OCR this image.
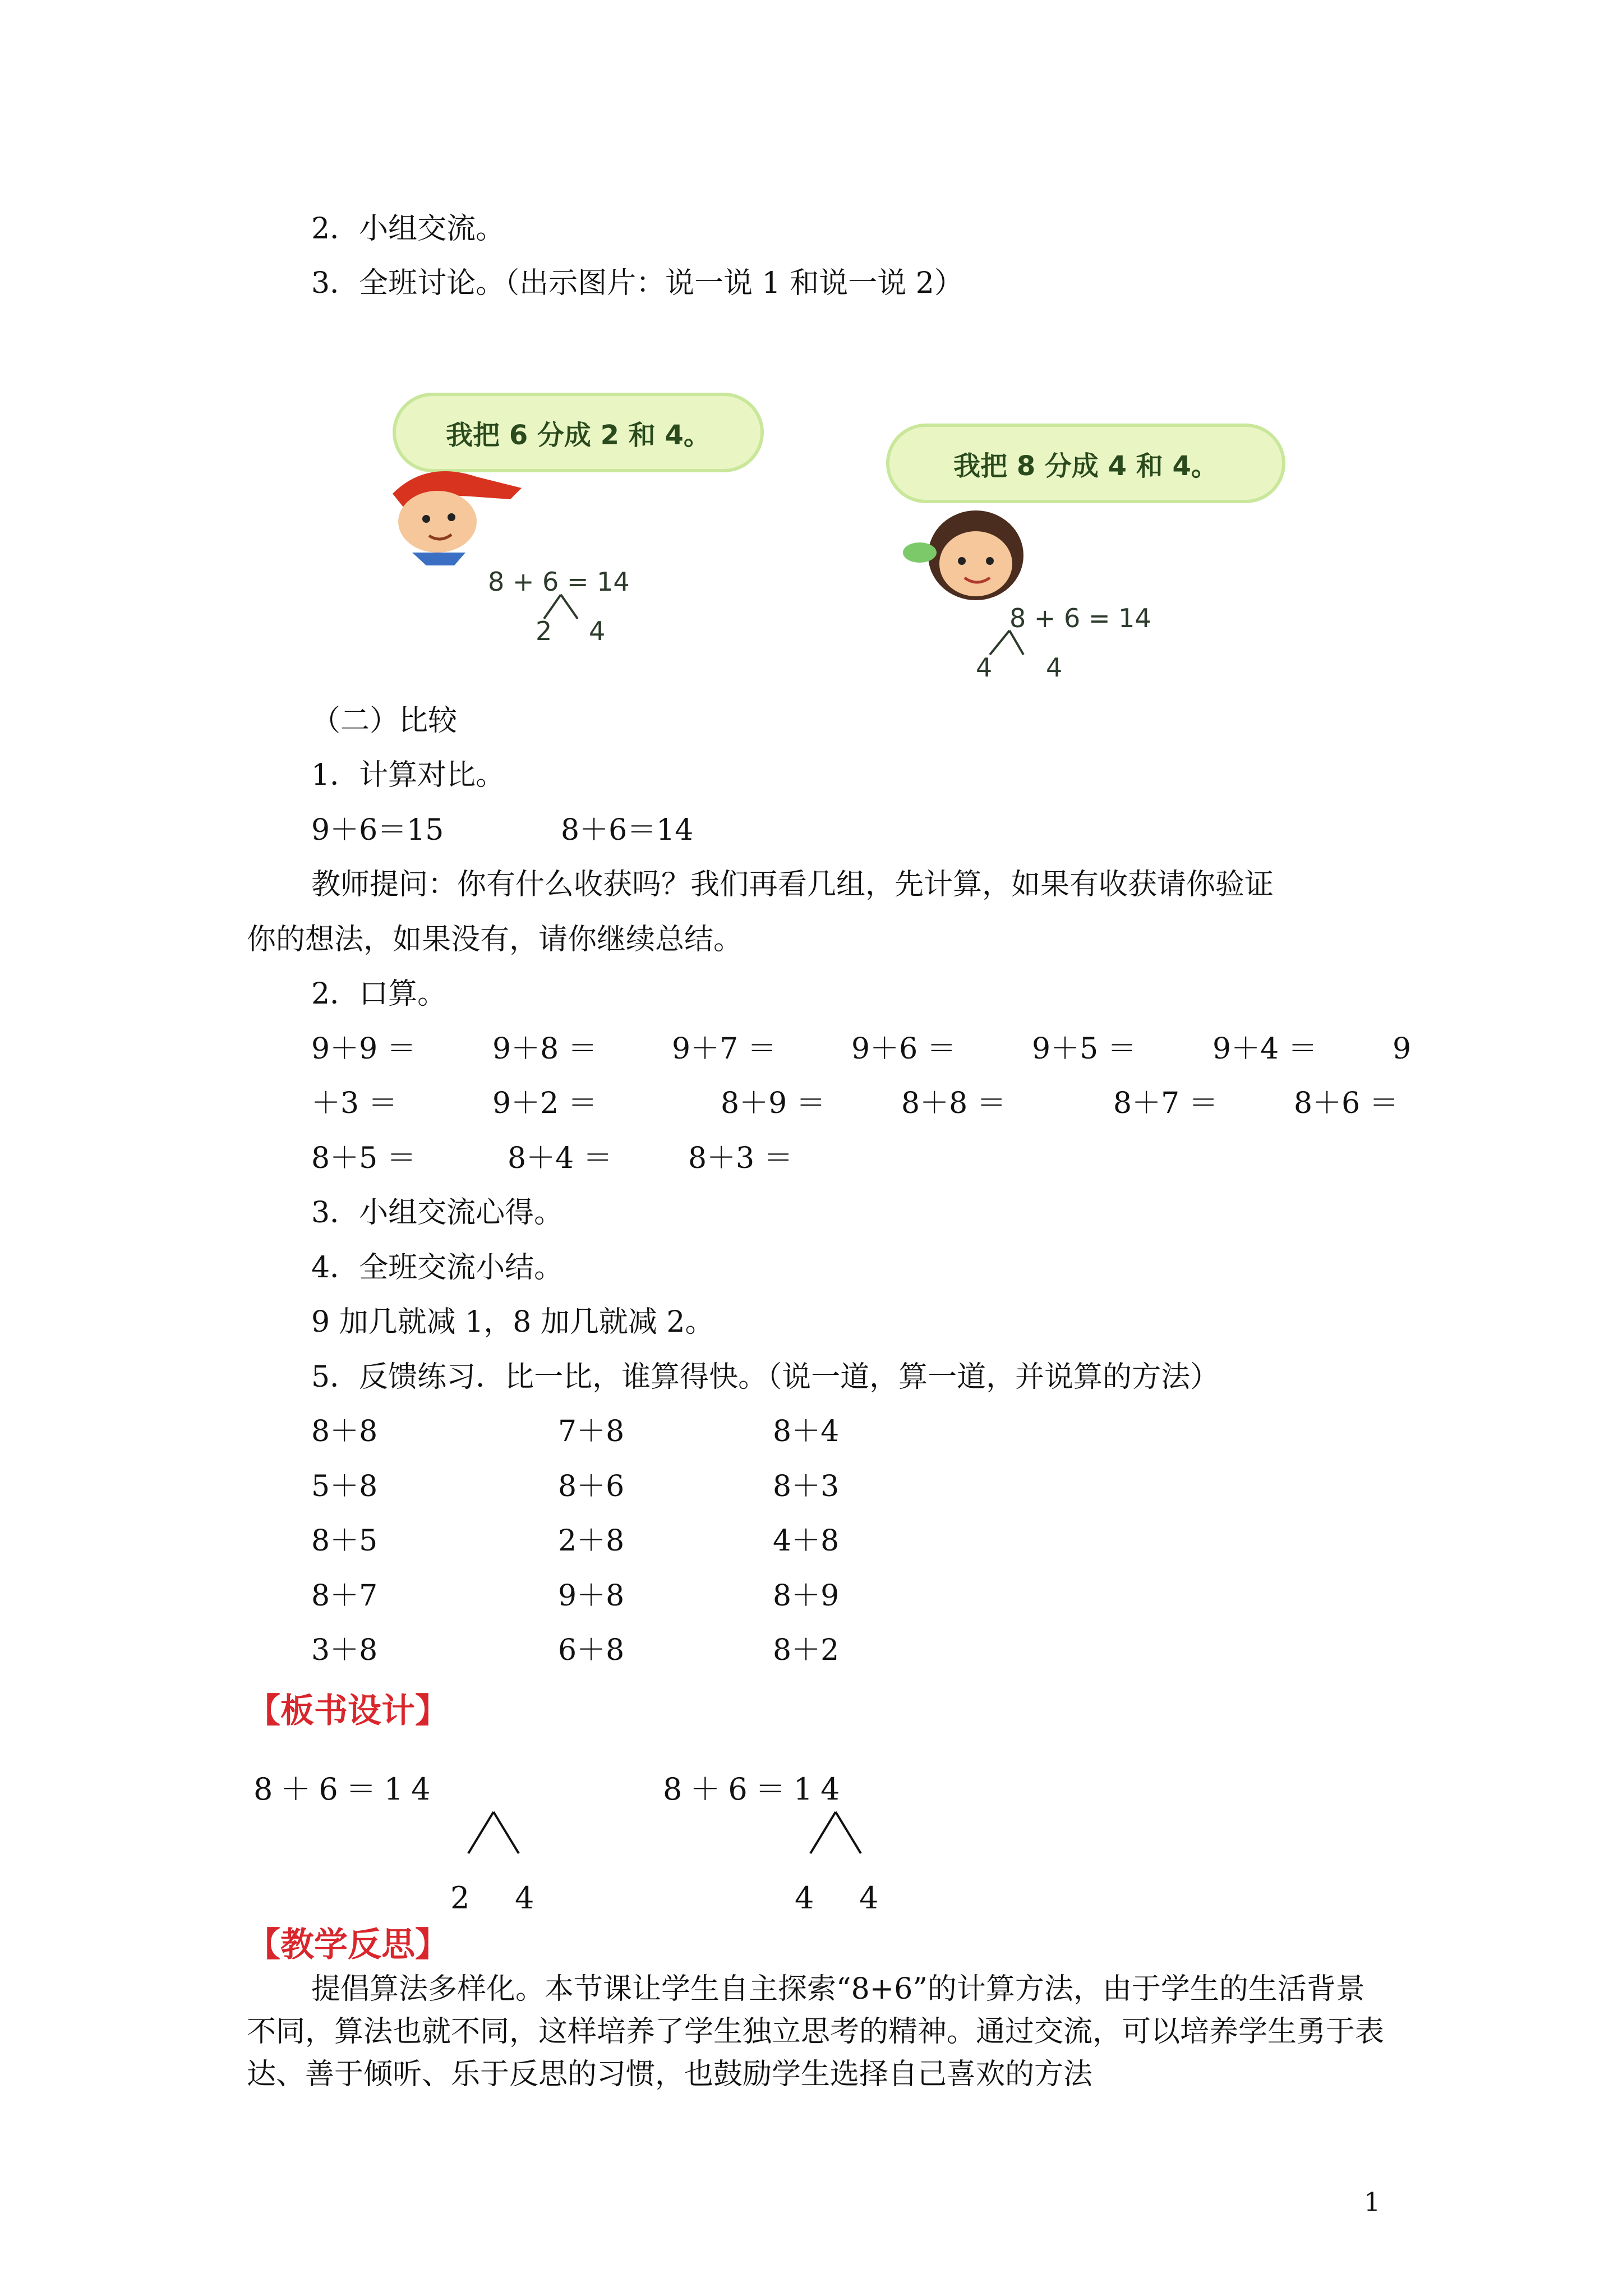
2．小组交流。
3．全班讨论。（出示图片：说一说 1 和说一说 2）
我把 6 分成 2 和 4。
8 + 6 = 14
2 4
我把 8 分成 4 和 4。
8 + 6 = 14
4 4
（二）比较
1．计算对比。
9＋6＝15	8＋6＝14
教师提问：你有什么收获吗？我们再看几组，先计算，如果有收获请你验证
你的想法，如果没有，请你继续总结。
2．口算。
9＋9 ＝	9＋8 ＝	9＋7 ＝	9＋6 ＝	9＋5 ＝	9＋4 ＝	9
＋3 ＝	9＋2 ＝	8＋9 ＝	8＋8 ＝	8＋7 ＝	8＋6 ＝
8＋5 ＝	8＋4 ＝	8＋3 ＝
3．小组交流心得。
4．全班交流小结。
9 加几就减 1，8 加几就减 2。
5．反馈练习．比一比，谁算得快。（说一道，算一道，并说算的方法）
8＋8	7＋8	8＋4
5＋8	8＋6	8＋3
8＋5	2＋8	4＋8
8＋7	9＋8	8＋9
3＋8	6＋8	8＋2
【板书设计】
8＋6＝14
2 4
8＋6＝14
4 4
【教学反思】
提倡算法多样化。本节课让学生自主探索“8+6”的计算方法，由于学生的生活背景不同，算法也就不同，这样培养了学生独立思考的精神。通过交流，可以培养学生勇于表达、善于倾听、乐于反思的习惯，也鼓励学生选择自己喜欢的方法
1
